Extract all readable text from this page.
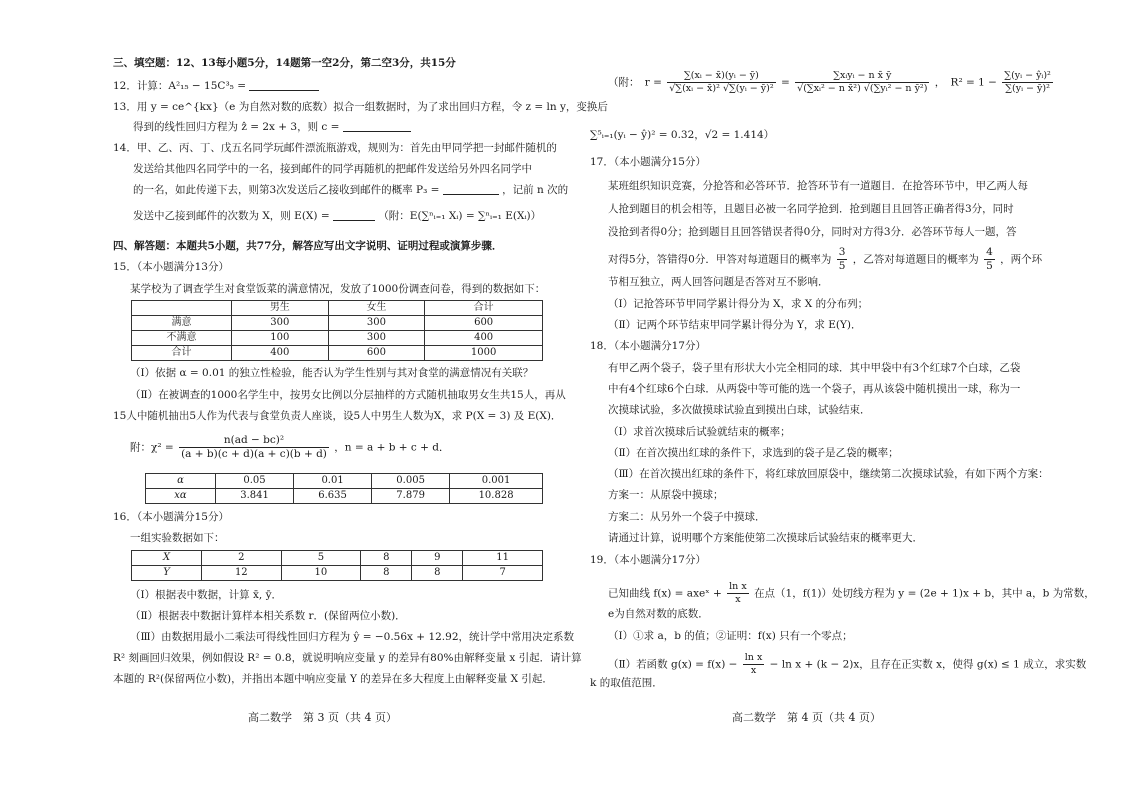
三、填空题：12、13每小题5分，14题第一空2分，第二空3分，共15分
12．计算：A²₁₅ − 15C³₅ =
13．用 y = ce^{kx}（e 为自然对数的底数）拟合一组数据时，为了求出回归方程，令 z = ln y，变换后
得到的线性回归方程为 ẑ = 2x + 3，则 c =
14．甲、乙、丙、丁、戊五名同学玩邮件漂流瓶游戏，规则为：首先由甲同学把一封邮件随机的
发送给其他四名同学中的一名，接到邮件的同学再随机的把邮件发送给另外四名同学中
的一名，如此传递下去，则第3次发送后乙接收到邮件的概率 P₃ =	，记前 n 次的
发送中乙接到邮件的次数为 X，则 E(X) =	（附：E(∑ⁿᵢ₌₁ Xᵢ) = ∑ⁿᵢ₌₁ E(Xᵢ)）
四、解答题：本题共5小题，共77分，解答应写出文字说明、证明过程或演算步骤．
15．（本小题满分13分）
某学校为了调查学生对食堂饭菜的满意情况，发放了1000份调查问卷，得到的数据如下：
	男生	女生	合计
满意	300	300	600
不满意	100	300	400
合计	400	600	1000
（Ⅰ）依据 α = 0.01 的独立性检验，能否认为学生性别与其对食堂的满意情况有关联？
（Ⅱ）在被调查的1000名学生中，按男女比例以分层抽样的方式随机抽取男女生共15人，再从
15人中随机抽出5人作为代表与食堂负责人座谈，设5人中男生人数为X，求 P(X = 3) 及 E(X)．
附：$\chi^2 = \frac{\text{n(ad − bc)²}}{(a + b)(c + d)(a + c)(b + d)}$ ，n = a + b + c + d．
α	0.05	0.01	0.005	0.001
xα	3.841	6.635	7.879	10.828
16．（本小题满分15分）
一组实验数据如下：
X	2	5	8	9	11
Y	12	10	8	8	7
（Ⅰ）根据表中数据，计算 x̄, ȳ．
（Ⅱ）根据表中数据计算样本相关系数 r．(保留两位小数)．
（Ⅲ）由数据用最小二乘法可得线性回归方程为 ŷ = −0.56x + 12.92，统计学中常用决定系数
R² 刻画回归效果，例如假设 R² = 0.8，就说明响应变量 y 的差异有80%由解释变量 x 引起．请计算
本题的 R²(保留两位小数)，并指出本题中响应变量 Y 的差异在多大程度上由解释变量 X 引起．
高二数学　第 3 页（共 4 页）
（附：　$r = \frac{\text{∑(xᵢ − x̄)(yᵢ − ȳ)}}{\text{√∑(xᵢ − x̄)² √∑(yᵢ − ȳ)²}} = \frac{\text{∑xᵢyᵢ − n x̄ ȳ}}{\text{√(∑xᵢ² − n x̄²) √(∑yᵢ² − n ȳ²)}}$ ，　$R^2 = 1 - \frac{\text{∑(yᵢ − ŷᵢ)²}}{\text{∑(yᵢ − ȳ)²}}$
∑⁵ᵢ₌₁(yᵢ − ŷ)² = 0.32，√2 = 1.414）
17．（本小题满分15分）
某班组织知识竞赛，分抢答和必答环节．抢答环节有一道题目．在抢答环节中，甲乙两人每
人抢到题目的机会相等，且题目必被一名同学抢到．抢到题目且回答正确者得3分，同时
没抢到者得0分；抢到题目且回答错误者得0分，同时对方得3分．必答环节每人一题，答
对得5分，答错得0分．甲答对每道题目的概率为 $\frac{3}{5}$ ，乙答对每道题目的概率为 $\frac{4}{5}$ ，两个环
节相互独立，两人回答问题是否答对互不影响．
（Ⅰ）记抢答环节甲同学累计得分为 X，求 X 的分布列；
（Ⅱ）记两个环节结束甲同学累计得分为 Y，求 E(Y)．
18．（本小题满分17分）
有甲乙两个袋子，袋子里有形状大小完全相同的球．其中甲袋中有3个红球7个白球，乙袋
中有4个红球6个白球．从两袋中等可能的选一个袋子，再从该袋中随机摸出一球，称为一
次摸球试验，多次做摸球试验直到摸出白球，试验结束．
（Ⅰ）求首次摸球后试验就结束的概率；
（Ⅱ）在首次摸出红球的条件下，求选到的袋子是乙袋的概率；
（Ⅲ）在首次摸出红球的条件下，将红球放回原袋中，继续第二次摸球试验，有如下两个方案：
方案一：从原袋中摸球；
方案二：从另外一个袋子中摸球．
请通过计算，说明哪个方案能使第二次摸球后试验结束的概率更大．
19．（本小题满分17分）
已知曲线 f(x) = axeˣ + $\frac{\text{ln x}}{x}$ 在点（1，f(1)）处切线方程为 y = (2e + 1)x + b，其中 a，b 为常数，
e为自然对数的底数．
（Ⅰ）①求 a，b 的值；②证明：f(x) 只有一个零点；
（Ⅱ）若函数 $g(x) = f(x) - \frac{\text{ln x}}{x} - \ln x + (k - 2)x$，且存在正实数 x，使得 g(x) ≤ 1 成立，求实数
k 的取值范围．
高二数学　第 4 页（共 4 页）
